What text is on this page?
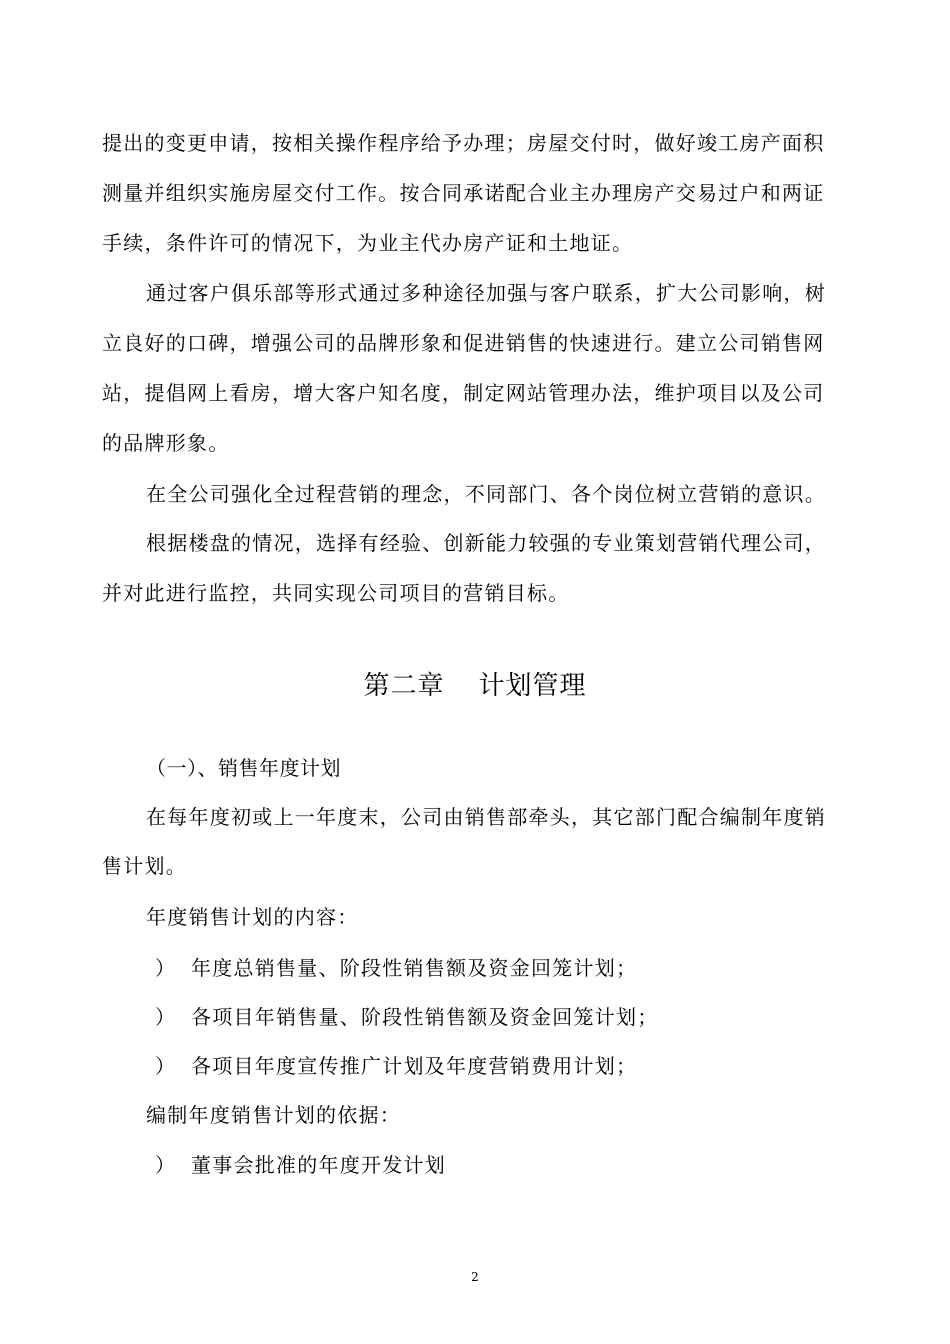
提出的变更申请，按相关操作程序给予办理；房屋交付时，做好竣工房产面积
测量并组织实施房屋交付工作。按合同承诺配合业主办理房产交易过户和两证
手续，条件许可的情况下，为业主代办房产证和土地证。
通过客户俱乐部等形式通过多种途径加强与客户联系，扩大公司影响，树
立良好的口碑，增强公司的品牌形象和促进销售的快速进行。建立公司销售网
站，提倡网上看房，增大客户知名度，制定网站管理办法，维护项目以及公司
的品牌形象。
在全公司强化全过程营销的理念，不同部门、各个岗位树立营销的意识。
根据楼盘的情况，选择有经验、创新能力较强的专业策划营销代理公司，
并对此进行监控，共同实现公司项目的营销目标。
第二章 计划管理
（一）、销售年度计划
在每年度初或上一年度末，公司由销售部牵头，其它部门配合编制年度销
售计划。
年度销售计划的内容：
） 年度总销售量、阶段性销售额及资金回笼计划；
） 各项目年销售量、阶段性销售额及资金回笼计划；
） 各项目年度宣传推广计划及年度营销费用计划；
编制年度销售计划的依据：
） 董事会批准的年度开发计划
2
